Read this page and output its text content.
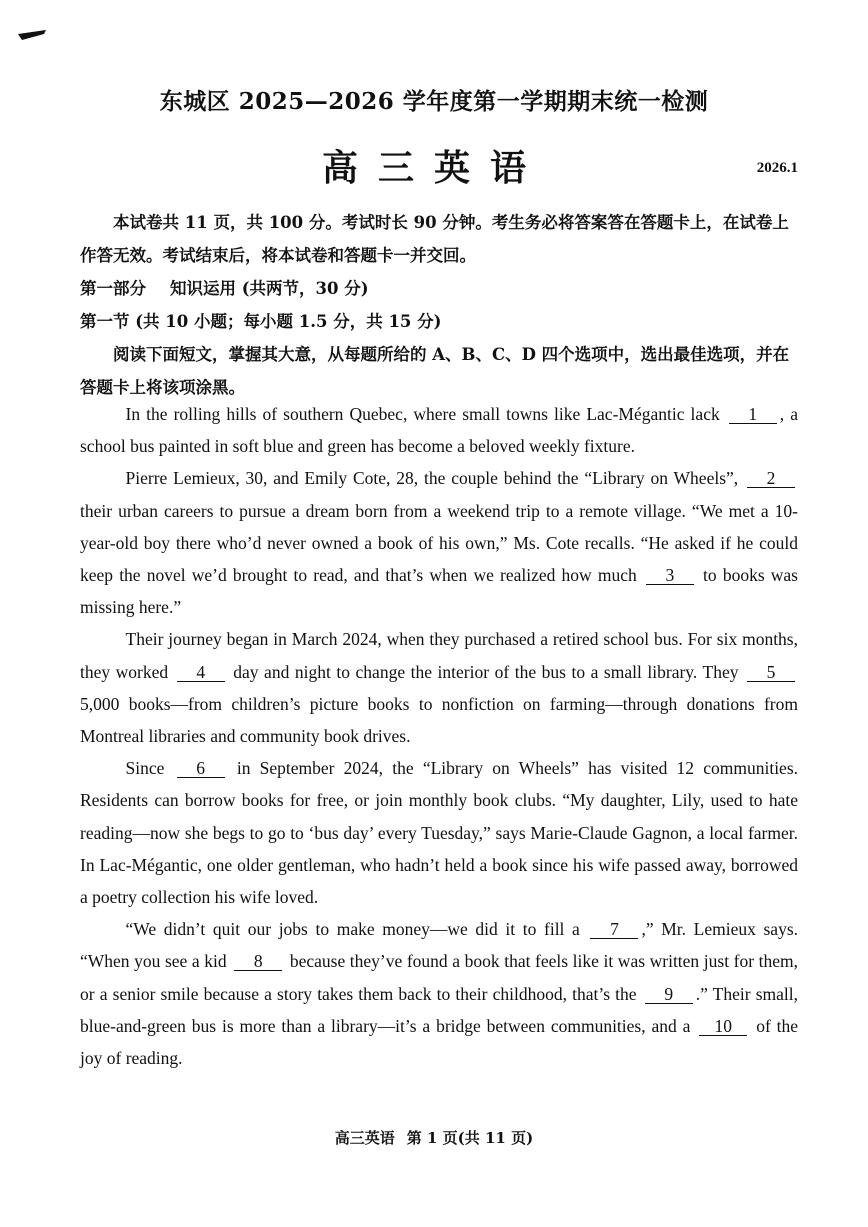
东城区 2025—2026 学年度第一学期期末统一检测
高三英语	2026.1

本试卷共 11 页，共 100 分。考试时长 90 分钟。考生务必将答案答在答题卡上，在试卷上作答无效。考试结束后，将本试卷和答题卡一并交回。

第一部分 知识运用 (共两节，30 分)

第一节 (共 10 小题；每小题 1.5 分，共 15 分)

阅读下面短文，掌握其大意，从每题所给的 A、B、C、D 四个选项中，选出最佳选项，并在答题卡上将该项涂黑。

In the rolling hills of southern Quebec, where small towns like Lac-Mégantic lack 1 , a school bus painted in soft blue and green has become a beloved weekly fixture.

Pierre Lemieux, 30, and Emily Cote, 28, the couple behind the “Library on Wheels”, 2 their urban careers to pursue a dream born from a weekend trip to a remote village. “We met a 10-year-old boy there who’d never owned a book of his own,” Ms. Cote recalls. “He asked if he could keep the novel we’d brought to read, and that’s when we realized how much 3 to books was missing here.”

Their journey began in March 2024, when they purchased a retired school bus. For six months, they worked 4 day and night to change the interior of the bus to a small library. They 5 5,000 books—from children’s picture books to nonfiction on farming—through donations from Montreal libraries and community book drives.

Since 6 in September 2024, the “Library on Wheels” has visited 12 communities. Residents can borrow books for free, or join monthly book clubs. “My daughter, Lily, used to hate reading—now she begs to go to ‘bus day’ every Tuesday,” says Marie-Claude Gagnon, a local farmer. In Lac-Mégantic, one older gentleman, who hadn’t held a book since his wife passed away, borrowed a poetry collection his wife loved.

“We didn’t quit our jobs to make money—we did it to fill a 7 ,” Mr. Lemieux says. “When you see a kid 8 because they’ve found a book that feels like it was written just for them, or a senior smile because a story takes them back to their childhood, that’s the 9 .” Their small, blue-and-green bus is more than a library—it’s a bridge between communities, and a 10 of the joy of reading.

高三英语 第 1 页(共 11 页)
